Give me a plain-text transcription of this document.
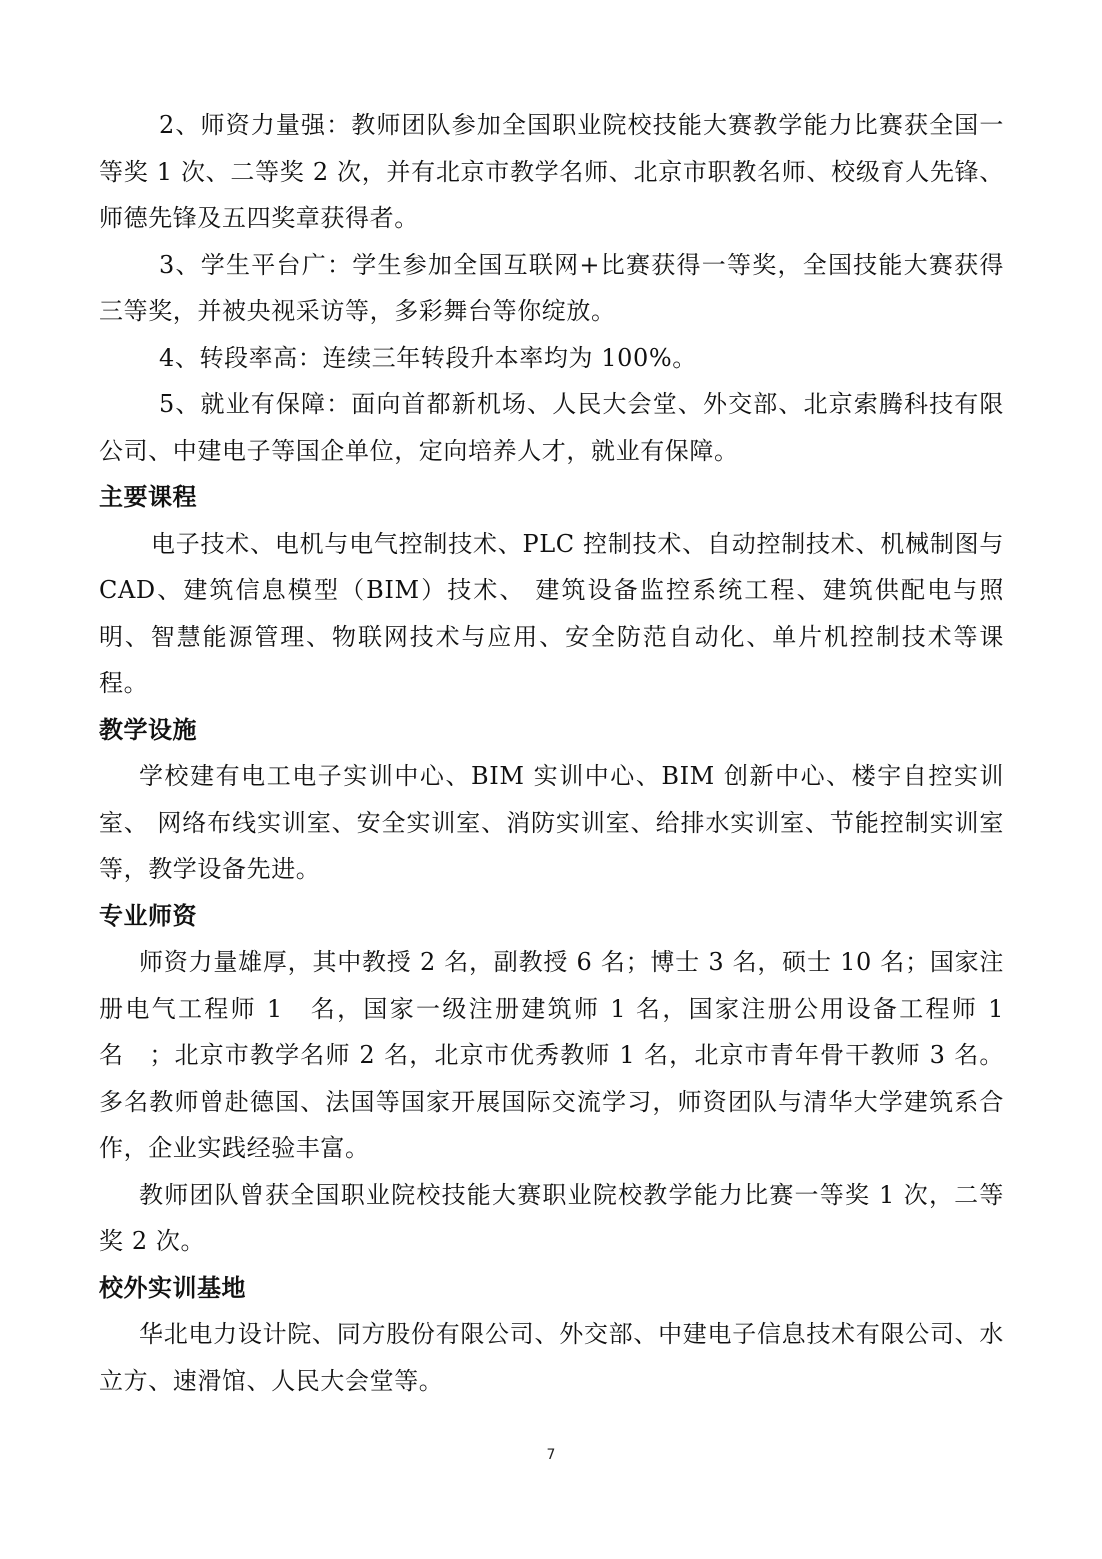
2、师资力量强：教师团队参加全国职业院校技能大赛教学能力比赛获全国一等奖 1 次、二等奖 2 次，并有北京市教学名师、北京市职教名师、校级育人先锋、师德先锋及五四奖章获得者。

3、学生平台广：学生参加全国互联网+比赛获得一等奖，全国技能大赛获得三等奖，并被央视采访等，多彩舞台等你绽放。

4、转段率高：连续三年转段升本率均为 100%。

5、就业有保障：面向首都新机场、人民大会堂、外交部、北京索腾科技有限公司、中建电子等国企单位，定向培养人才，就业有保障。

主要课程

电子技术、电机与电气控制技术、PLC 控制技术、自动控制技术、机械制图与 CAD、建筑信息模型（BIM）技术、 建筑设备监控系统工程、建筑供配电与照明、智慧能源管理、物联网技术与应用、安全防范自动化、单片机控制技术等课程。

教学设施

学校建有电工电子实训中心、BIM 实训中心、BIM 创新中心、楼宇自控实训室、 网络布线实训室、安全实训室、消防实训室、给排水实训室、节能控制实训室等，教学设备先进。

专业师资

师资力量雄厚，其中教授 2 名，副教授 6 名；博士 3 名，硕士 10 名；国家注册电气工程师 1　名，国家一级注册建筑师 1 名，国家注册公用设备工程师 1 名　；北京市教学名师 2 名，北京市优秀教师 1 名，北京市青年骨干教师 3 名。多名教师曾赴德国、法国等国家开展国际交流学习，师资团队与清华大学建筑系合作，企业实践经验丰富。

教师团队曾获全国职业院校技能大赛职业院校教学能力比赛一等奖 1 次，二等奖 2 次。

校外实训基地

华北电力设计院、同方股份有限公司、外交部、中建电子信息技术有限公司、水立方、速滑馆、人民大会堂等。

7
